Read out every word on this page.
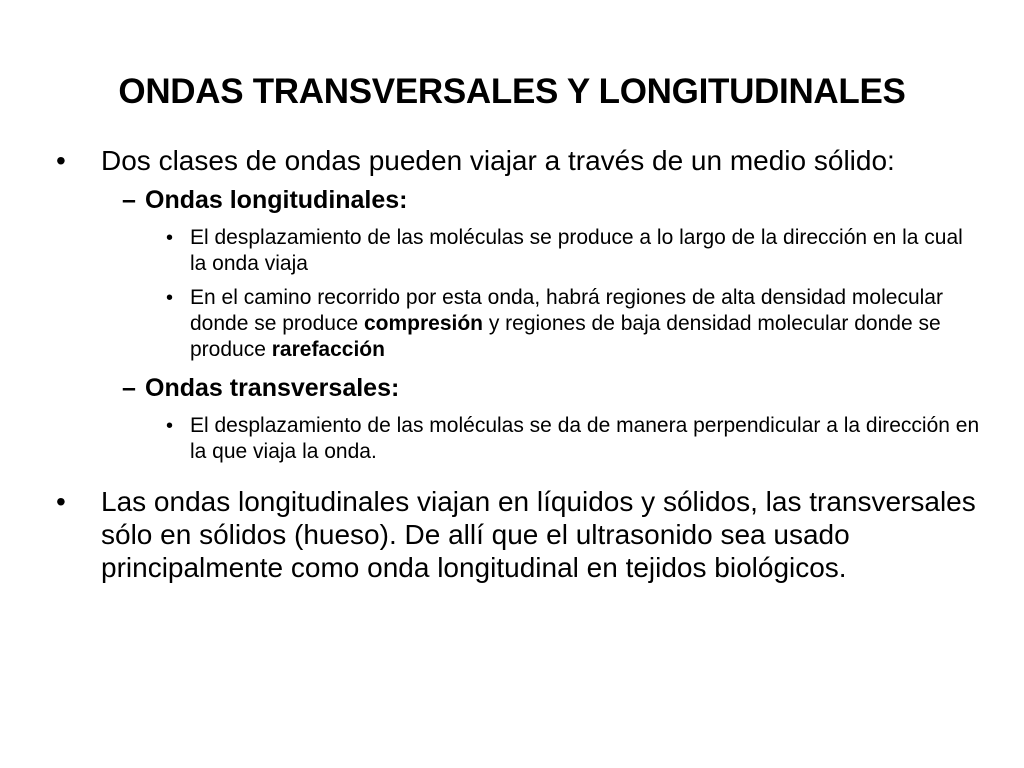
ONDAS TRANSVERSALES Y LONGITUDINALES
• Dos clases de ondas pueden viajar a través de un medio sólido:
– Ondas longitudinales:
• El desplazamiento de las moléculas se produce a lo largo de la dirección en la cual la onda viaja
• En el camino recorrido por esta onda, habrá regiones de alta densidad molecular donde se produce compresión y regiones de baja densidad molecular donde se produce rarefacción
– Ondas transversales:
• El desplazamiento de las moléculas se da de manera perpendicular a la dirección en la que viaja la onda.
• Las ondas longitudinales viajan en líquidos y sólidos, las transversales sólo en sólidos (hueso). De allí que el ultrasonido sea usado principalmente como onda longitudinal en tejidos biológicos.
